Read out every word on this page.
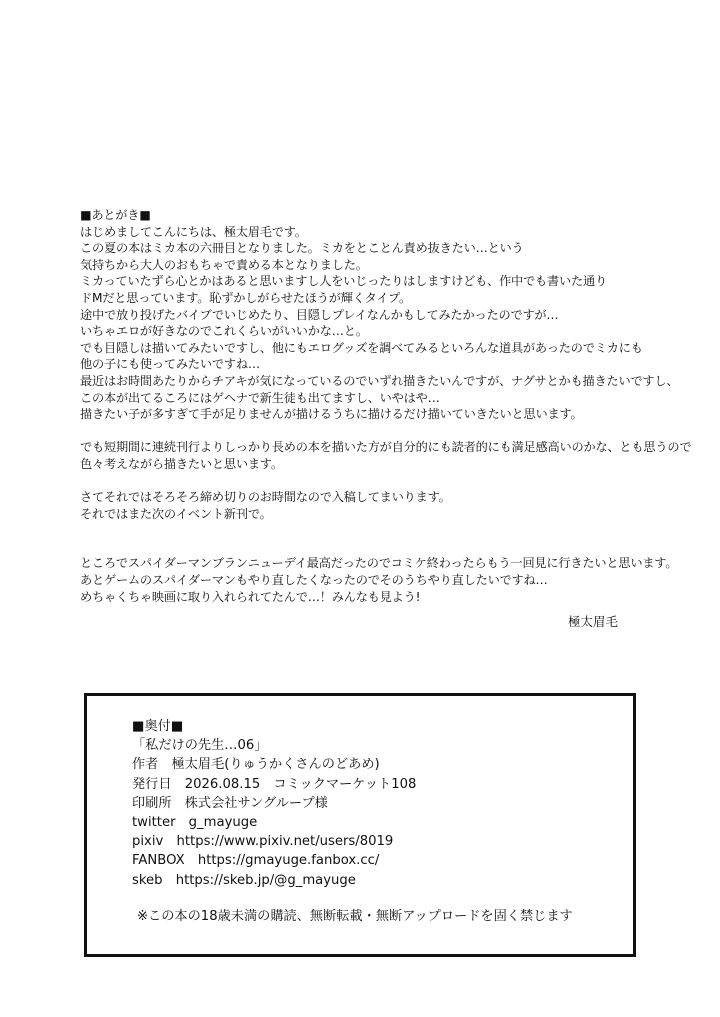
■あとがき■
はじめましてこんにちは、極太眉毛です。
この夏の本はミカ本の六冊目となりました。ミカをとことん責め抜きたい…という
気持ちから大人のおもちゃで責める本となりました。
ミカっていたずら心とかはあると思いますし人をいじったりはしますけども、作中でも書いた通り
ドMだと思っています。恥ずかしがらせたほうが輝くタイプ。
途中で放り投げたバイブでいじめたり、目隠しプレイなんかもしてみたかったのですが…
いちゃエロが好きなのでこれくらいがいいかな…と。
でも目隠しは描いてみたいですし、他にもエログッズを調べてみるといろんな道具があったのでミカにも
他の子にも使ってみたいですね…
最近はお時間あたりからチアキが気になっているのでいずれ描きたいんですが、ナグサとかも描きたいですし、
この本が出てるころにはゲヘナで新生徒も出てますし、いやはや…
描きたい子が多すぎて手が足りませんが描けるうちに描けるだけ描いていきたいと思います。
でも短期間に連続刊行よりしっかり長めの本を描いた方が自分的にも読者的にも満足感高いのかな、とも思うので
色々考えながら描きたいと思います。
さてそれではそろそろ締め切りのお時間なので入稿してまいります。
それではまた次のイベント新刊で。
ところでスパイダーマンブランニューデイ最高だったのでコミケ終わったらもう一回見に行きたいと思います。
あとゲームのスパイダーマンもやり直したくなったのでそのうちやり直したいですね…
めちゃくちゃ映画に取り入れられてたんで…！みんなも見よう!
極太眉毛
■奥付■
「私だけの先生…06」
作者　極太眉毛(りゅうかくさんのどあめ)
発行日　2026.08.15　コミックマーケット108
印刷所　株式会社サングループ様
twitter　g_mayuge
pixiv　https://www.pixiv.net/users/8019
FANBOX　https://gmayuge.fanbox.cc/
skeb　https://skeb.jp/@g_mayuge
※この本の18歳未満の購読、無断転載・無断アップロードを固く禁じます
